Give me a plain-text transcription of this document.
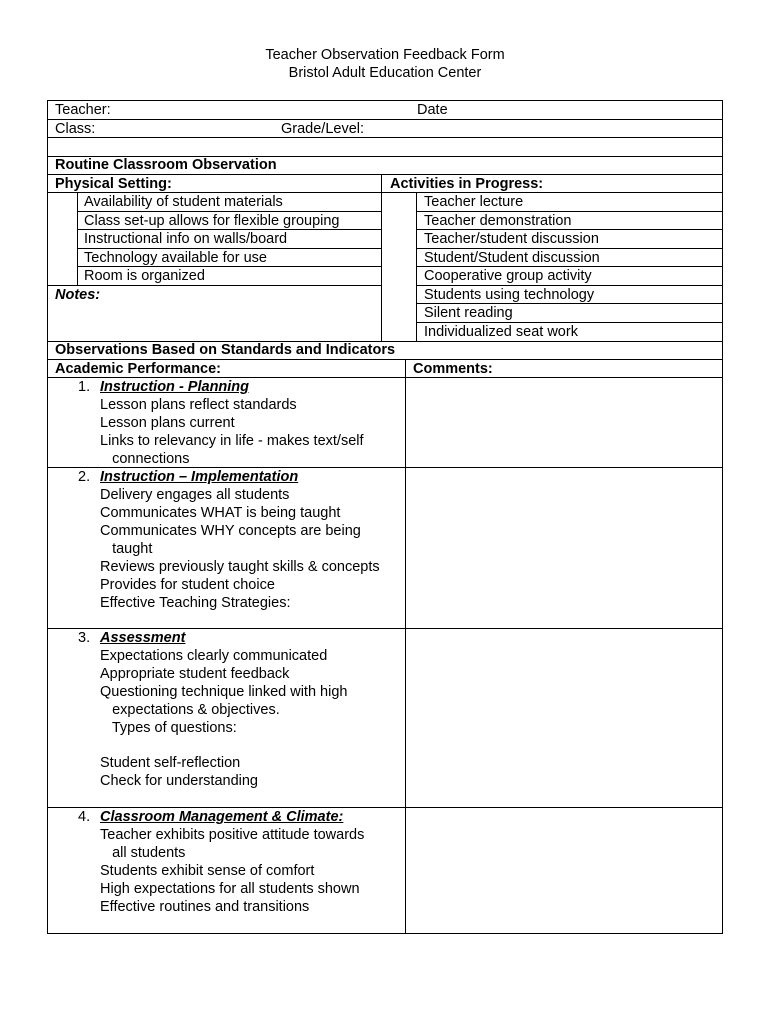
Teacher Observation Feedback Form
Bristol Adult Education Center
Teacher:	Date
Class:	Grade/Level:
Routine Classroom Observation
Physical Setting:	Activities in Progress:
Availability of student materials
Class set-up allows for flexible grouping
Instructional info on walls/board
Technology available for use
Room is organized
Notes:
Teacher lecture
Teacher demonstration
Teacher/student discussion
Student/Student discussion
Cooperative group activity
Students using technology
Silent reading
Individualized seat work
Observations Based on Standards and Indicators
Academic Performance:	Comments:
1. Instruction - Planning
Lesson plans reflect standards
Lesson plans current
Links to relevancy in life - makes text/self
connections
2. Instruction – Implementation
Delivery engages all students
Communicates WHAT is being taught
Communicates WHY concepts are being
taught
Reviews previously taught skills & concepts
Provides for student choice
Effective Teaching Strategies:
3. Assessment
Expectations clearly communicated
Appropriate student feedback
Questioning technique linked with high
expectations & objectives.
Types of questions:
Student self-reflection
Check for understanding
4. Classroom Management & Climate:
Teacher exhibits positive attitude towards
all students
Students exhibit sense of comfort
High expectations for all students shown
Effective routines and transitions
